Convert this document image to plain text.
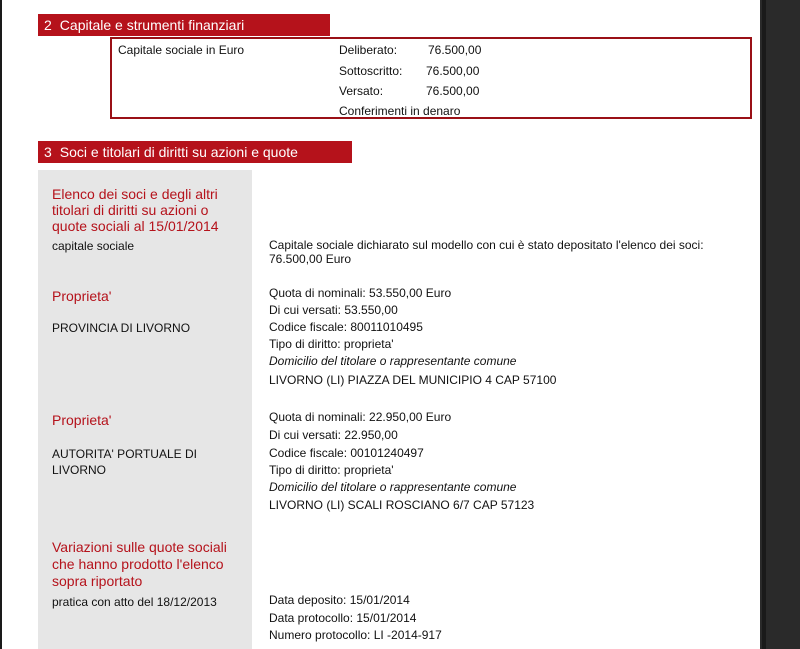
2 Capitale e strumenti finanziari
Capitale sociale in Euro	Deliberato:	76.500,00
Sottoscritto: 76.500,00
Versato:	76.500,00
Conferimenti in denaro
3 Soci e titolari di diritti su azioni e quote
Elenco dei soci e degli altri
titolari di diritti su azioni o
quote sociali al 15/01/2014
capitale sociale	Capitale sociale dichiarato sul modello con cui è stato depositato l'elenco dei soci:
76.500,00 Euro
Proprieta'
PROVINCIA DI LIVORNO
Quota di nominali: 53.550,00 Euro
Di cui versati: 53.550,00
Codice fiscale: 80011010495
Tipo di diritto: proprieta'
Domicilio del titolare o rappresentante comune
LIVORNO (LI) PIAZZA DEL MUNICIPIO 4 CAP 57100
Proprieta'
AUTORITA' PORTUALE DI
LIVORNO
Quota di nominali: 22.950,00 Euro
Di cui versati: 22.950,00
Codice fiscale: 00101240497
Tipo di diritto: proprieta'
Domicilio del titolare o rappresentante comune
LIVORNO (LI) SCALI ROSCIANO 6/7 CAP 57123
Variazioni sulle quote sociali
che hanno prodotto l'elenco
sopra riportato
pratica con atto del 18/12/2013	Data deposito: 15/01/2014
Data protocollo: 15/01/2014
Numero protocollo: LI -2014-917
